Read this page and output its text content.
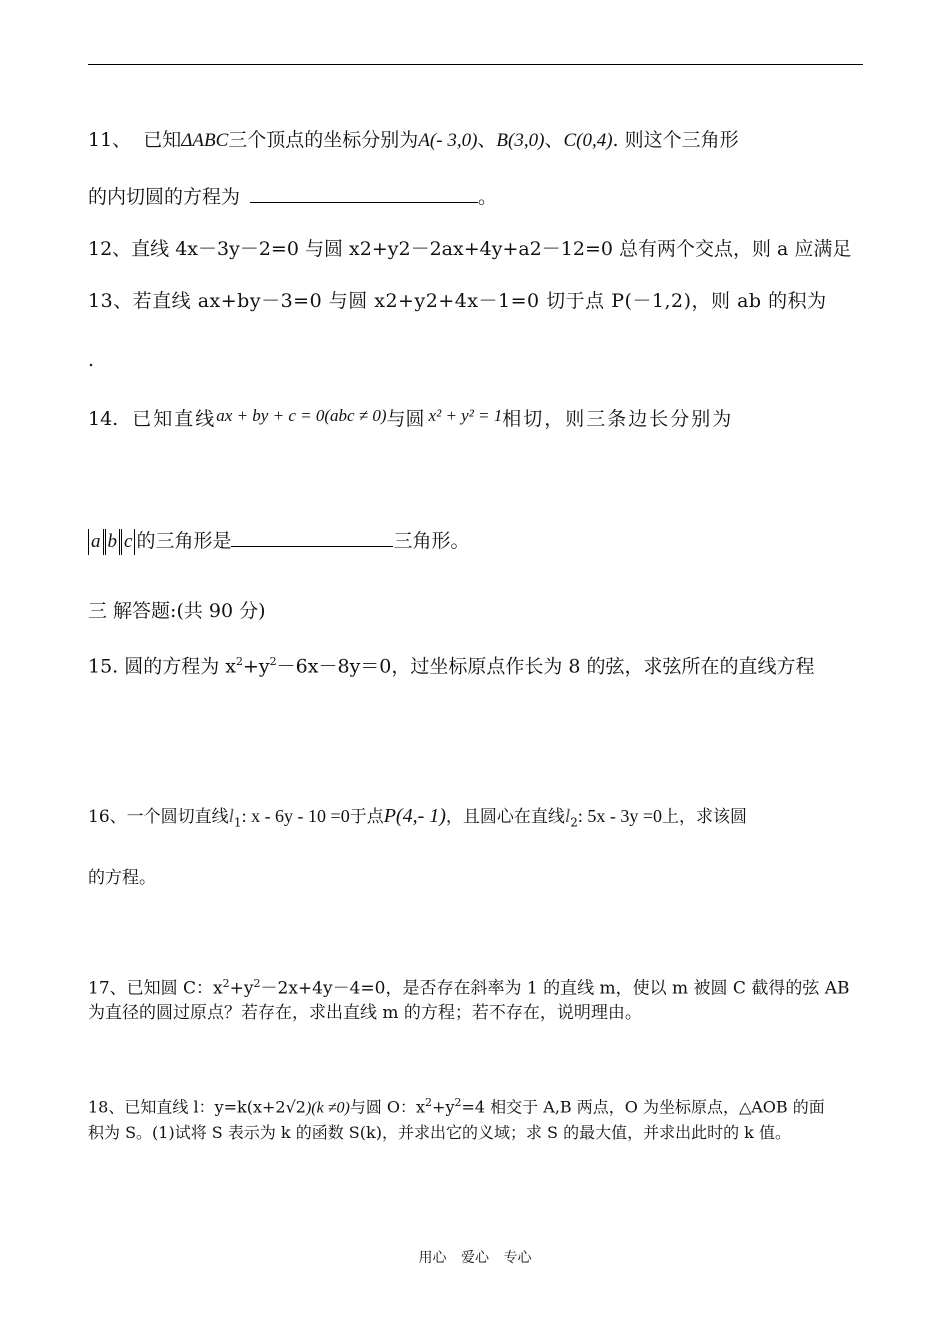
11、 已知ΔABC三个顶点的坐标分别为A(- 3,0)、B(3,0)、C(0,4). 则这个三角形
的内切圆的方程为	。
12、直线 4x－3y－2=0 与圆 x2+y2－2ax+4y+a2－12=0 总有两个交点，则 a 应满足
13、若直线 ax+by－3=0 与圆 x2+y2+4x－1=0 切于点 P(－1,2)，则 ab 的积为
.
14. 已知直线ax + by + c = 0(abc ≠ 0)与圆 x² + y² = 1相切，则三条边长分别为
a b c 的三角形是	三角形。
三 解答题:(共 90 分)
15. 圆的方程为 $x^2+y^2-6x-8y=0$，过坐标原点作长为 8 的弦，求弦所在的直线方程
16、一个圆切直线$l_1$: x - 6y - 10 =0于点P(4,- 1)，且圆心在直线$l_2$: 5x - 3y =0上，求该圆
的方程。
17、已知圆 C：$x^2+y^2-2x+4y-4=0$，是否存在斜率为 1 的直线 m，使以 m 被圆 C 截得的弦 AB
为直径的圆过原点？若存在，求出直线 m 的方程；若不存在，说明理由。
18、已知直线 l：y=k(x+2√2)(k ≠0)与圆 O：$x^2+y^2=4$ 相交于 A,B 两点，O 为坐标原点，△AOB 的面
积为 S。(1)试将 S 表示为 k 的函数 S(k)，并求出它的义域；求 S 的最大值，并求出此时的 k 值。
用心 爱心 专心
